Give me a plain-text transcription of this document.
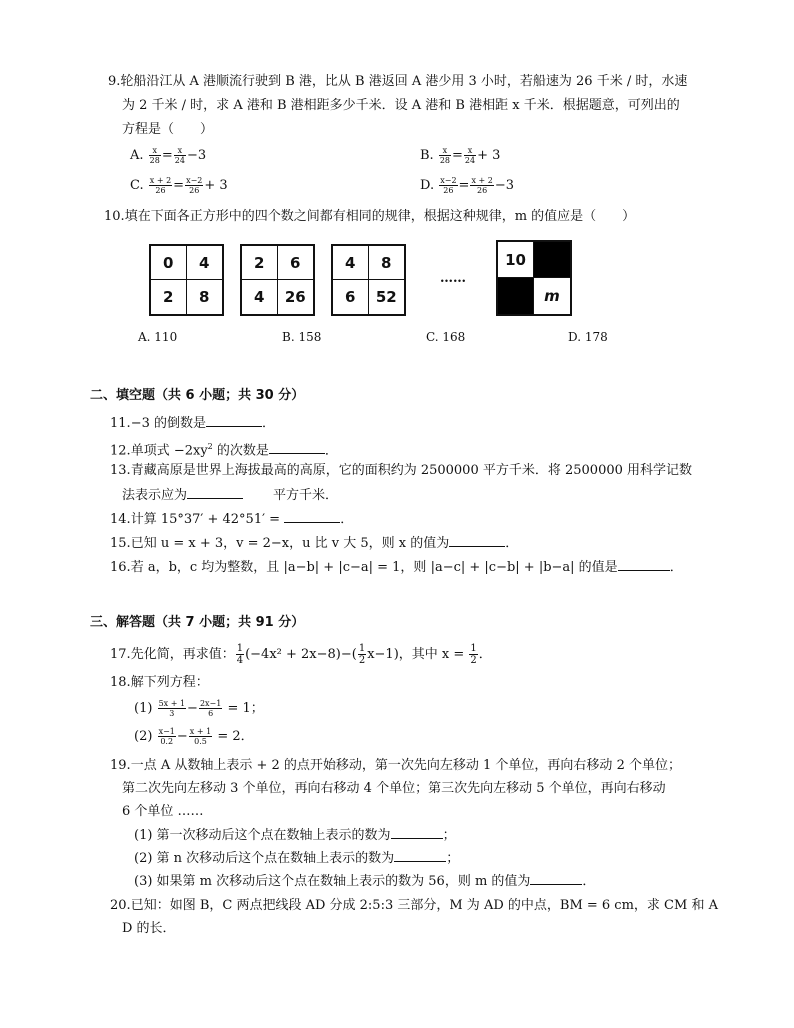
9.轮船沿江从 A 港顺流行驶到 B 港，比从 B 港返回 A 港少用 3 小时，若船速为 26 千米 / 时，水速
为 2 千米 / 时，求 A 港和 B 港相距多少千米．设 A 港和 B 港相距 x 千米．根据题意，可列出的
方程是（　　）
A. $\frac{x}{28} = \frac{x}{24} -3$	B. $\frac{x}{28} = \frac{x}{24} + 3$
C. $\frac{x + 2}{26} = \frac{x-2}{26} + 3$	D. $\frac{x-2}{26} = \frac{x + 2}{26} -3$
10.填在下面各正方形中的四个数之间都有相同的规律，根据这种规律，m 的值应是（　　）
0	4
2	8
2	6
4	26
4	8
6	52
……
10
m
A. 110	B. 158	C. 168	D. 178
二、填空题（共 6 小题；共 30 分）
11.−3 的倒数是	．
12.单项式 $-2xy^2$ 的次数是	．
13.青藏高原是世界上海拔最高的高原，它的面积约为 2500000 平方千米．将 2500000 用科学记数
法表示应为	平方千米．
14.计算 15°37′ + 42°51′ =	．
15.已知 u = x + 3，v = 2−x，u 比 v 大 5，则 x 的值为	．
16.若 a，b，c 均为整数，且 |a−b| + |c−a| = 1，则 |a−c| + |c−b| + |b−a| 的值是	．
三、解答题（共 7 小题；共 91 分）
17.先化简，再求值： $\frac{1}{4} (-4x^2 + 2x-8)-( \frac{1}{2} x-1)$，其中 $x = \frac{1}{2}$ ．
18.解下列方程：
$(1) \frac{5x + 1}{3} - \frac{2x-1}{6} = 1$；
$(2) \frac{x-1}{0.2} - \frac{x + 1}{0.5} = 2$．
19.一点 A 从数轴上表示 + 2 的点开始移动，第一次先向左移动 1 个单位，再向右移动 2 个单位；
第二次先向左移动 3 个单位，再向右移动 4 个单位；第三次先向左移动 5 个单位，再向右移动
6 个单位 ……
(1) 第一次移动后这个点在数轴上表示的数为	；
(2) 第 n 次移动后这个点在数轴上表示的数为	；
(3) 如果第 m 次移动后这个点在数轴上表示的数为 56，则 m 的值为	．
20.已知：如图 B，C 两点把线段 AD 分成 2:5:3 三部分，M 为 AD 的中点，BM = 6 cm，求 CM 和 A
D 的长．
